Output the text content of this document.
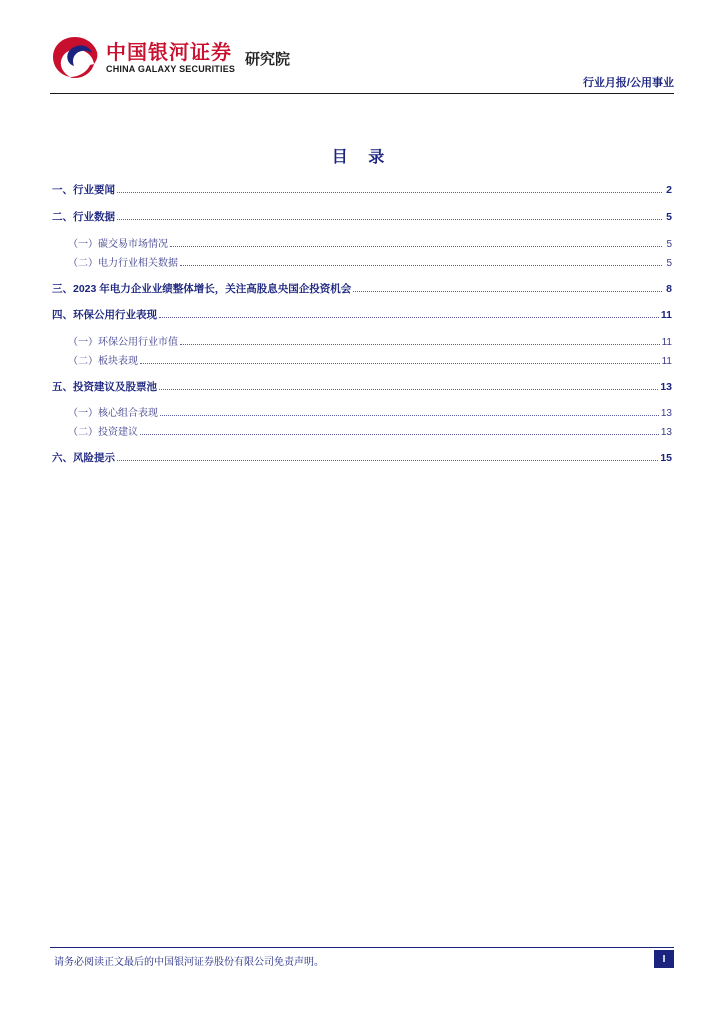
中国银河证券
CHINA GALAXY SECURITIES
研究院
行业月报/公用事业
目 录
一、行业要闻	2
二、行业数据	5
（一）碳交易市场情况	5
（二）电力行业相关数据	5
三、2023 年电力企业业绩整体增长，关注高股息央国企投资机会	8
四、环保公用行业表现	11
（一）环保公用行业市值	11
（二）板块表现	11
五、投资建议及股票池	13
（一）核心组合表现	13
（二）投资建议	13
六、风险提示	15
请务必阅读正文最后的中国银河证券股份有限公司免责声明。	I
